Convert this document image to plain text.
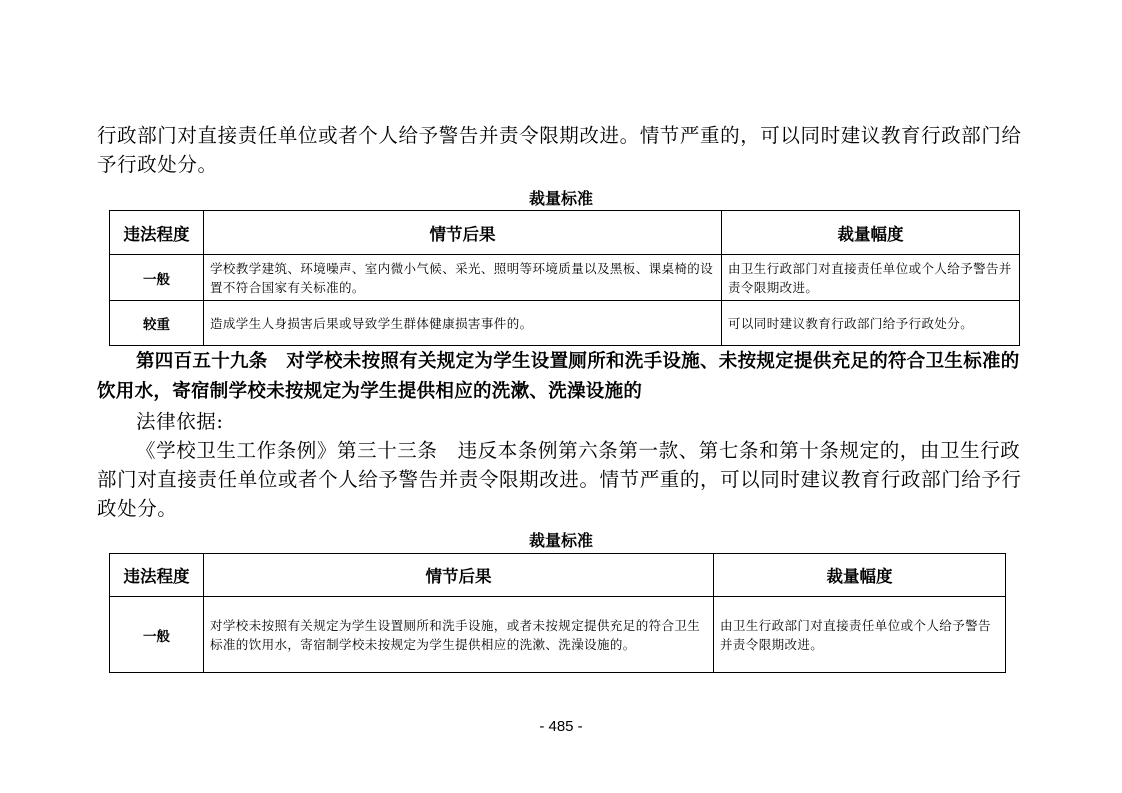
行政部门对直接责任单位或者个人给予警告并责令限期改进。情节严重的，可以同时建议教育行政部门给予行政处分。
裁量标准
违法程度	情节后果	裁量幅度
一般	学校教学建筑、环境噪声、室内微小气候、采光、照明等环境质量以及黑板、课桌椅的设置不符合国家有关标准的。	由卫生行政部门对直接责任单位或个人给予警告并责令限期改进。
较重	造成学生人身损害后果或导致学生群体健康损害事件的。	可以同时建议教育行政部门给予行政处分。
第四百五十九条　对学校未按照有关规定为学生设置厕所和洗手设施、未按规定提供充足的符合卫生标准的饮用水，寄宿制学校未按规定为学生提供相应的洗漱、洗澡设施的
法律依据:
《学校卫生工作条例》第三十三条　违反本条例第六条第一款、第七条和第十条规定的，由卫生行政部门对直接责任单位或者个人给予警告并责令限期改进。情节严重的，可以同时建议教育行政部门给予行政处分。
裁量标准
违法程度	情节后果	裁量幅度
一般	对学校未按照有关规定为学生设置厕所和洗手设施，或者未按规定提供充足的符合卫生标准的饮用水，寄宿制学校未按规定为学生提供相应的洗漱、洗澡设施的。	由卫生行政部门对直接责任单位或个人给予警告并责令限期改进。
- 485 -
